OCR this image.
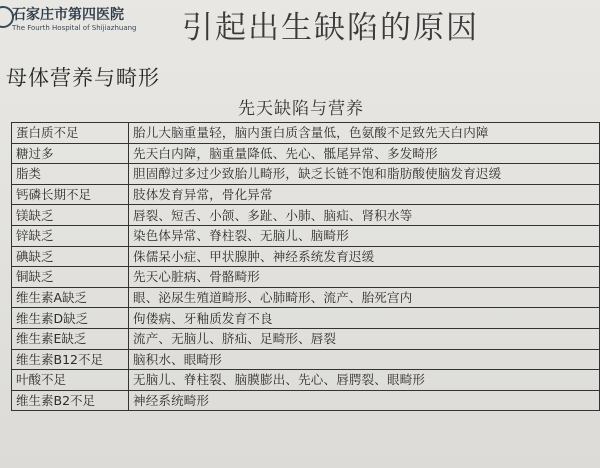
石家庄市第四医院
The Fourth Hospital of Shijiazhuang 引起出生缺陷的原因
母体营养与畸形
先天缺陷与营养
蛋白质不足	胎儿大脑重量轻，脑内蛋白质含量低，色氨酸不足致先天白内障
糖过多	先天白内障，脑重量降低、先心、骶尾异常、多发畸形
脂类	胆固醇过多过少致胎儿畸形，缺乏长链不饱和脂肪酸使脑发育迟缓
钙磷长期不足	肢体发育异常，骨化异常
镁缺乏	唇裂、短舌、小颌、多趾、小肺、脑疝、肾积水等
锌缺乏	染色体异常、脊柱裂、无脑儿、脑畸形
碘缺乏	侏儒呆小症、甲状腺肿、神经系统发育迟缓
铜缺乏	先天心脏病、骨骼畸形
维生素A缺乏	眼、泌尿生殖道畸形、心肺畸形、流产、胎死宫内
维生素D缺乏	佝偻病、牙釉质发育不良
维生素E缺乏	流产、无脑儿、脐疝、足畸形、唇裂
维生素B12不足	脑积水、眼畸形
叶酸不足	无脑儿、脊柱裂、脑膜膨出、先心、唇腭裂、眼畸形
维生素B2不足	神经系统畸形
